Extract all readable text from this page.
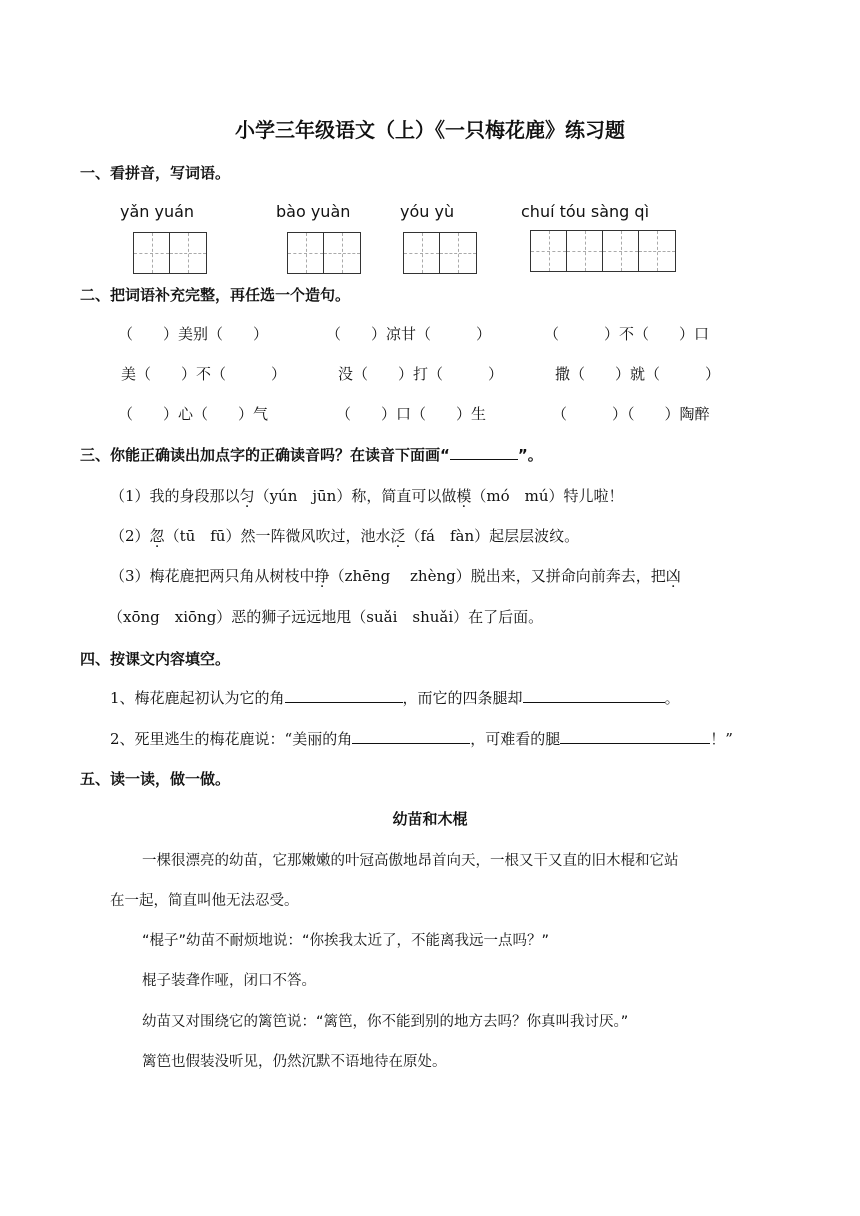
小学三年级语文（上）《一只梅花鹿》练习题
一、看拼音，写词语。
yǎn yuán	bào yuàn	yóu yù	chuí tóu sàng qì
二、把词语补充完整，再任选一个造句。
（　　）美别（　　）	（　　）凉甘（　　　）	（　　　）不（　　）口
美（　　）不（　　　）	没（　　）打（　　　）	撒（　　）就（　　　）
（　　）心（　　）气	（　　）口（　　）生	（　　　）（　　）陶醉
三、你能正确读出加点字的正确读音吗？在读音下面画“	”。
（1）我的身段那以匀（yún　jūn）称，简直可以做模（mó　mú）特儿啦！
（2）忽（tū　fū）然一阵微风吹过，池水泛（fá　fàn）起层层波纹。
（3）梅花鹿把两只角从树枝中挣（zhēng　 zhèng）脱出来，又拼命向前奔去，把凶
（xōng　xiōng）恶的狮子远远地甩（suǎi　shuǎi）在了后面。
四、按课文内容填空。
1、梅花鹿起初认为它的角	，而它的四条腿却	。
2、死里逃生的梅花鹿说：“美丽的角	，可难看的腿	！”
五、读一读，做一做。
幼苗和木棍
一棵很漂亮的幼苗，它那嫩嫩的叶冠高傲地昂首向天，一根又干又直的旧木棍和它站
在一起，简直叫他无法忍受。
“棍子”幼苗不耐烦地说：“你挨我太近了，不能离我远一点吗？”
棍子装聋作哑，闭口不答。
幼苗又对围绕它的篱笆说：“篱笆，你不能到别的地方去吗？你真叫我讨厌。”
篱笆也假装没听见，仍然沉默不语地待在原处。
